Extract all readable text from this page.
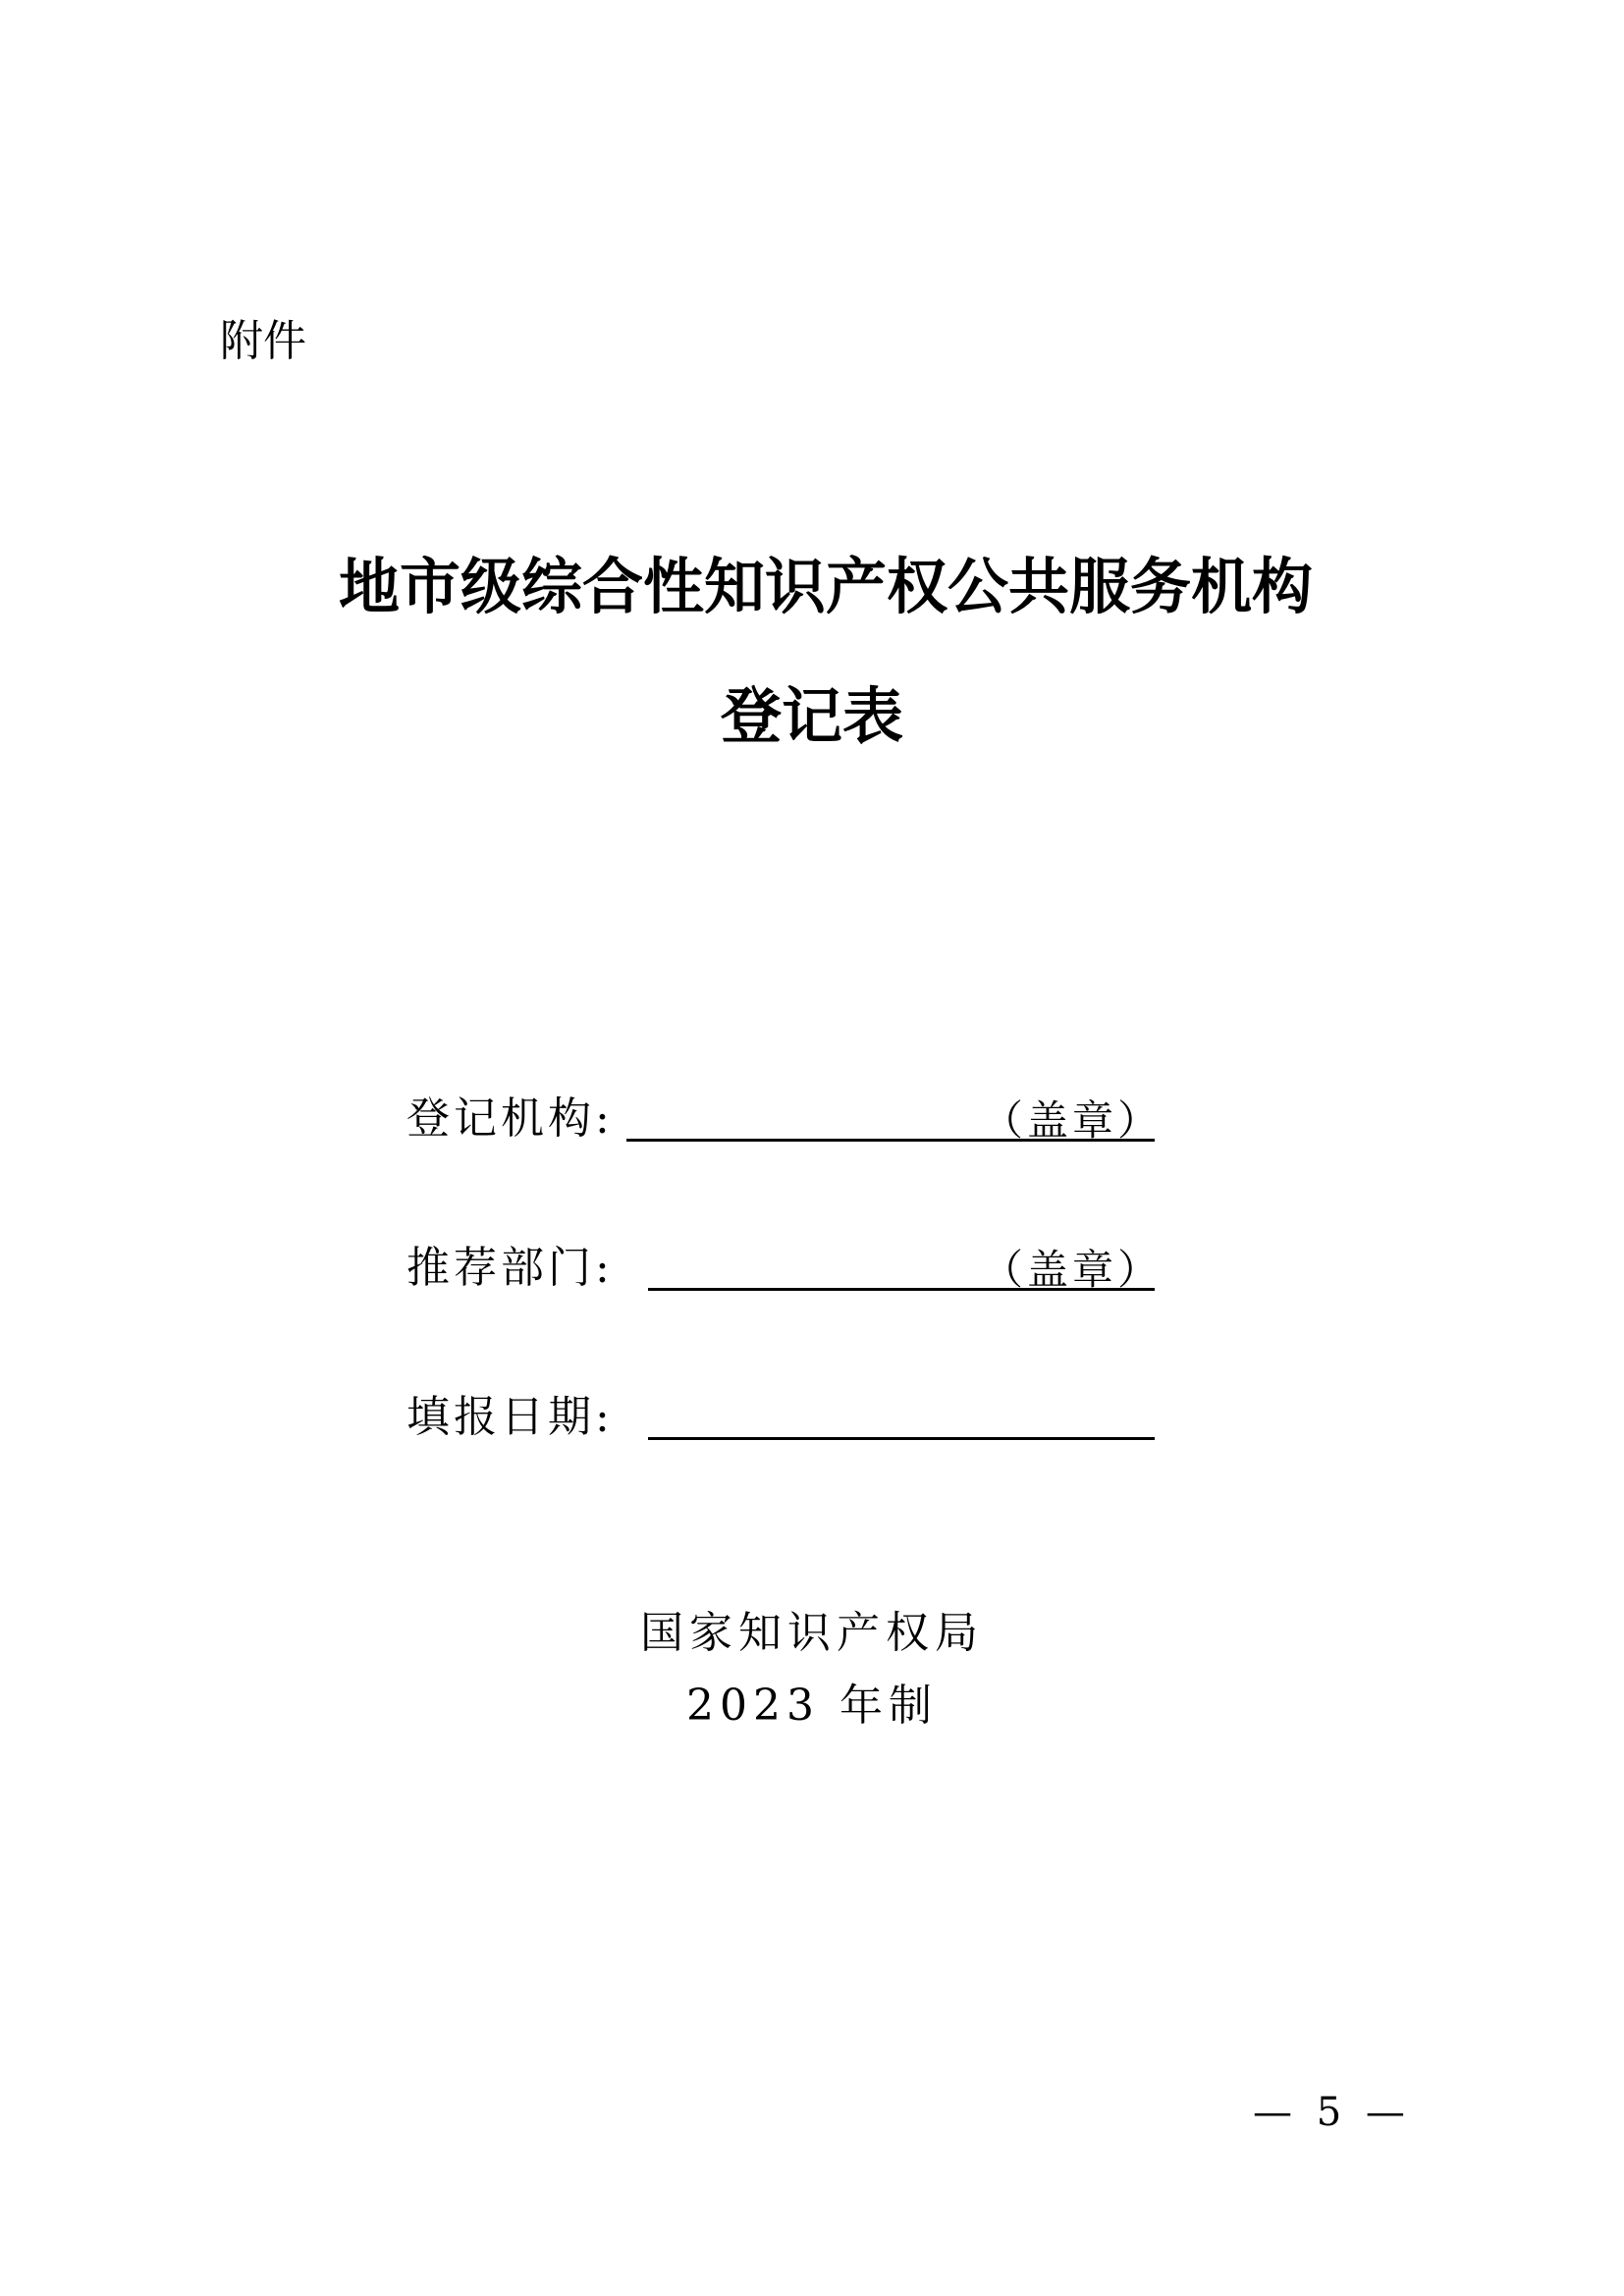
附件
地市级综合性知识产权公共服务机构
登记表
登记机构:	（盖章）
推荐部门:	（盖章）
填报日期:
国家知识产权局
2023 年制
— 5 —
